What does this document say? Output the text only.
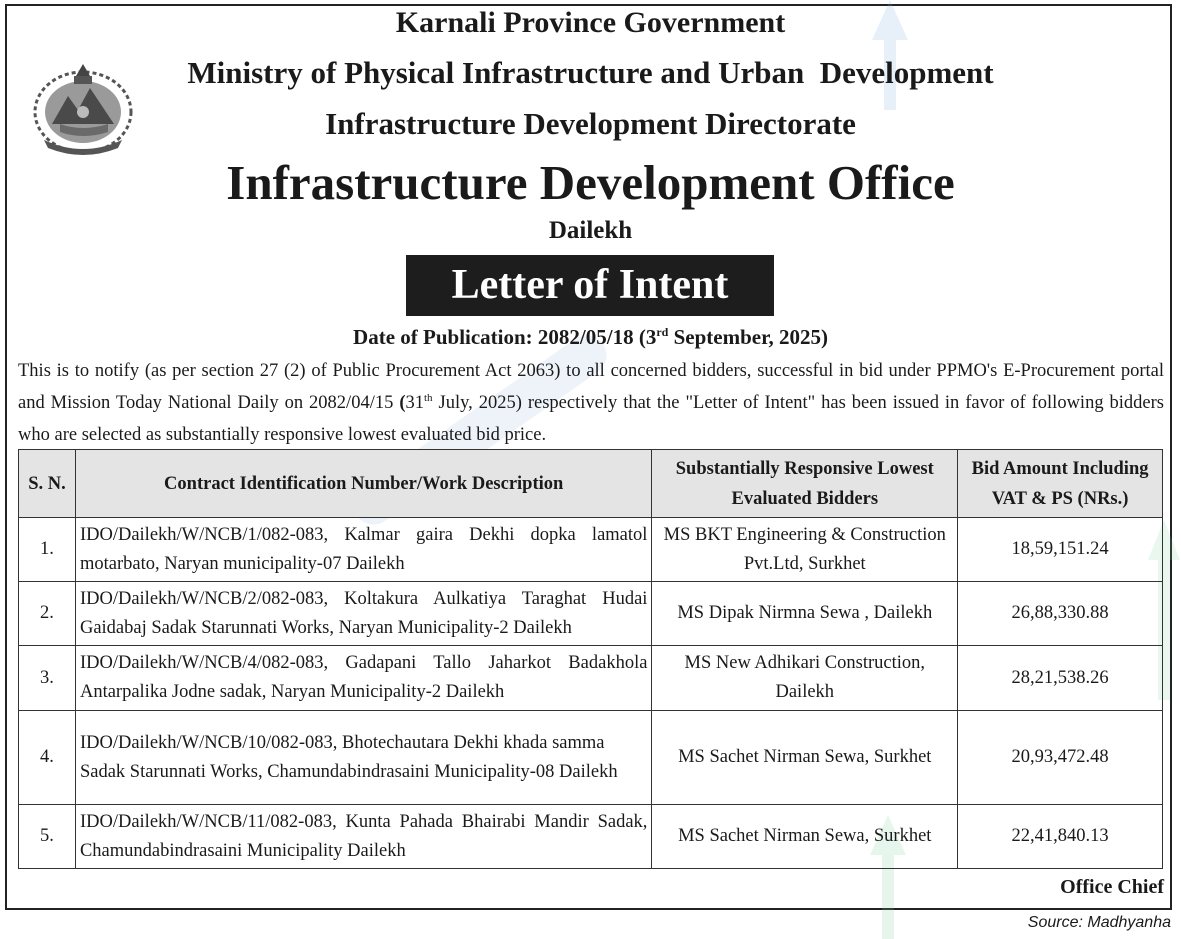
Karnali Province Government
Ministry of Physical Infrastructure and Urban  Development
Infrastructure Development Directorate
Infrastructure Development Office
Dailekh
Letter of Intent
Date of Publication: 2082/05/18 (3rd September, 2025)
This is to notify (as per section 27 (2) of Public Procurement Act 2063) to all concerned bidders, successful in bid under PPMO's E-Procurement portal and Mission Today National Daily on 2082/04/15 (31th July, 2025) respectively that the "Letter of Intent" has been issued in favor of following bidders who are selected as substantially responsive lowest evaluated bid price.
S. N.	Contract Identification Number/Work Description	Substantially Responsive Lowest Evaluated Bidders	Bid Amount Including VAT & PS (NRs.)
1.	IDO/Dailekh/W/NCB/1/082-083, Kalmar gaira Dekhi dopka lamatol motarbato, Naryan municipality-07 Dailekh	MS BKT Engineering & Construction Pvt.Ltd, Surkhet	18,59,151.24
2.	IDO/Dailekh/W/NCB/2/082-083, Koltakura Aulkatiya Taraghat Hudai Gaidabaj Sadak Starunnati Works, Naryan Municipality-2 Dailekh	MS Dipak Nirmna Sewa , Dailekh	26,88,330.88
3.	IDO/Dailekh/W/NCB/4/082-083, Gadapani Tallo Jaharkot Badakhola Antarpalika Jodne sadak, Naryan Municipality-2 Dailekh	MS New Adhikari Construction, Dailekh	28,21,538.26
4.	IDO/Dailekh/W/NCB/10/082-083, Bhotechautara Dekhi khada samma Sadak Starunnati Works, Chamundabindrasaini Municipality-08 Dailekh	MS Sachet Nirman Sewa, Surkhet	20,93,472.48
5.	IDO/Dailekh/W/NCB/11/082-083, Kunta Pahada Bhairabi Mandir Sadak, Chamundabindrasaini Municipality Dailekh	MS Sachet Nirman Sewa, Surkhet	22,41,840.13
Office Chief
Source: Madhyanha
